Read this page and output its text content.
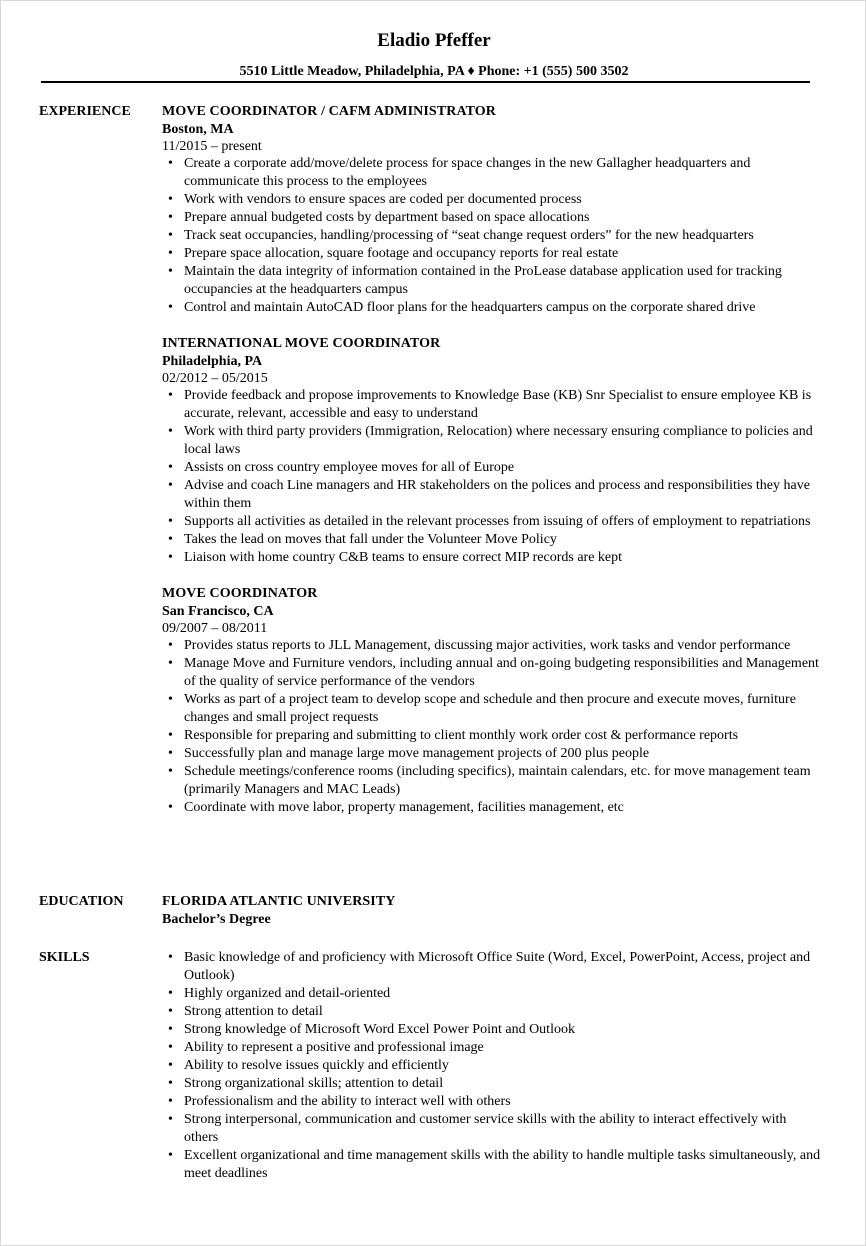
Eladio Pfeffer
5510 Little Meadow, Philadelphia, PA ♦ Phone: +1 (555) 500 3502
EXPERIENCE MOVE COORDINATOR / CAFM ADMINISTRATOR
Boston, MA
11/2015 – present
• Create a corporate add/move/delete process for space changes in the new Gallagher headquarters and communicate this process to the employees
• Work with vendors to ensure spaces are coded per documented process
• Prepare annual budgeted costs by department based on space allocations
• Track seat occupancies, handling/processing of “seat change request orders” for the new headquarters
• Prepare space allocation, square footage and occupancy reports for real estate
• Maintain the data integrity of information contained in the ProLease database application used for tracking occupancies at the headquarters campus
• Control and maintain AutoCAD floor plans for the headquarters campus on the corporate shared drive
INTERNATIONAL MOVE COORDINATOR
Philadelphia, PA
02/2012 – 05/2015
• Provide feedback and propose improvements to Knowledge Base (KB) Snr Specialist to ensure employee KB is accurate, relevant, accessible and easy to understand
• Work with third party providers (Immigration, Relocation) where necessary ensuring compliance to policies and local laws
• Assists on cross country employee moves for all of Europe
• Advise and coach Line managers and HR stakeholders on the polices and process and responsibilities they have within them
• Supports all activities as detailed in the relevant processes from issuing of offers of employment to repatriations
• Takes the lead on moves that fall under the Volunteer Move Policy
• Liaison with home country C&B teams to ensure correct MIP records are kept
MOVE COORDINATOR
San Francisco, CA
09/2007 – 08/2011
• Provides status reports to JLL Management, discussing major activities, work tasks and vendor performance
• Manage Move and Furniture vendors, including annual and on-going budgeting responsibilities and Management of the quality of service performance of the vendors
• Works as part of a project team to develop scope and schedule and then procure and execute moves, furniture changes and small project requests
• Responsible for preparing and submitting to client monthly work order cost & performance reports
• Successfully plan and manage large move management projects of 200 plus people
• Schedule meetings/conference rooms (including specifics), maintain calendars, etc. for move management team (primarily Managers and MAC Leads)
• Coordinate with move labor, property management, facilities management, etc
EDUCATION	FLORIDA ATLANTIC UNIVERSITY
Bachelor’s Degree
SKILLS
•	Basic knowledge of and proficiency with Microsoft Office Suite (Word, Excel, PowerPoint, Access, project and Outlook)
• Highly organized and detail-oriented
• Strong attention to detail
• Strong knowledge of Microsoft Word Excel Power Point and Outlook
• Ability to represent a positive and professional image
• Ability to resolve issues quickly and efficiently
• Strong organizational skills; attention to detail
• Professionalism and the ability to interact well with others
• Strong interpersonal, communication and customer service skills with the ability to interact effectively with others
• Excellent organizational and time management skills with the ability to handle multiple tasks simultaneously, and meet deadlines
